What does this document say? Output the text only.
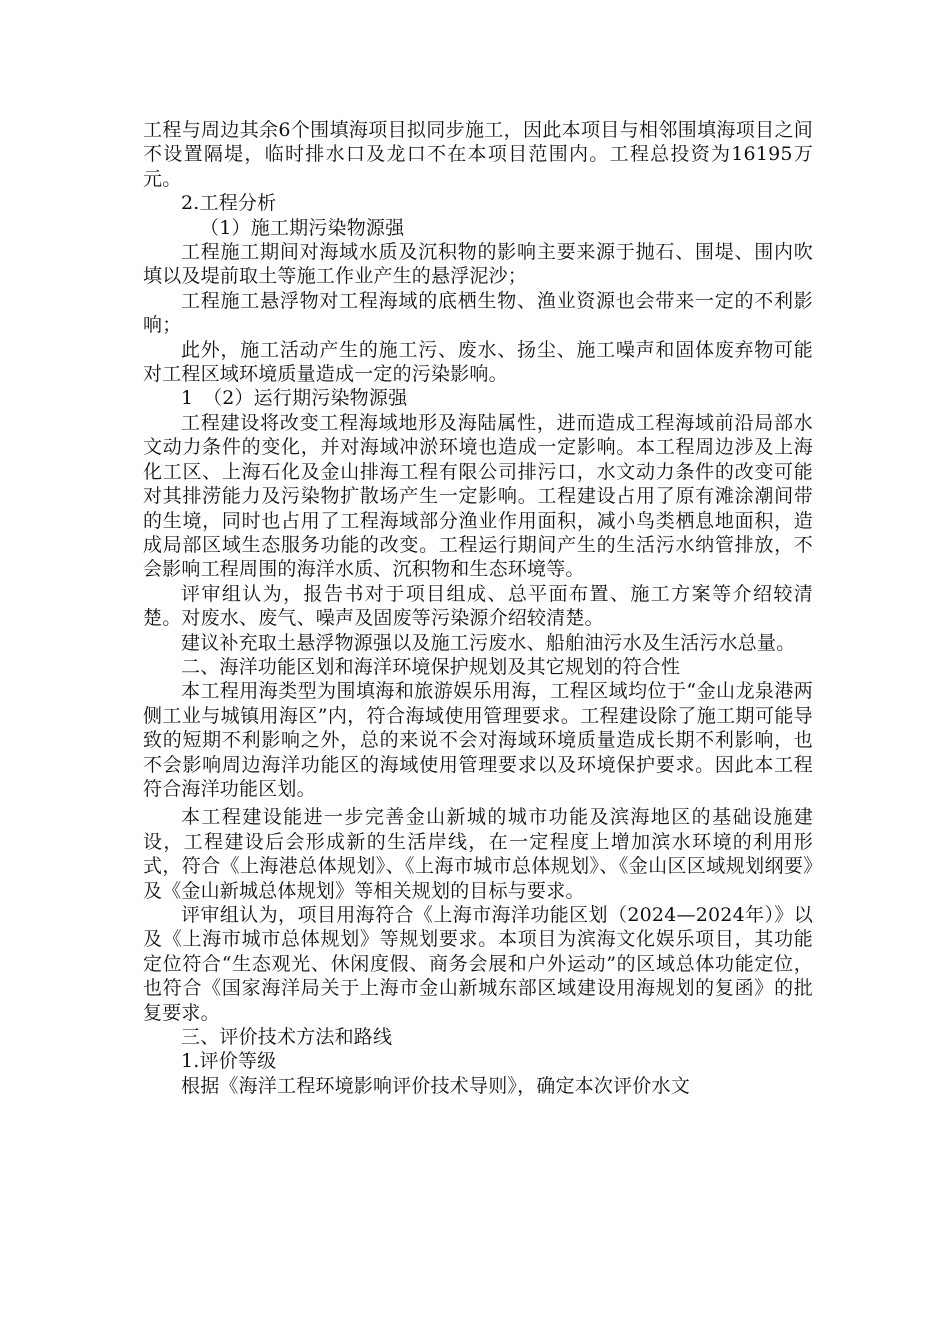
工程与周边其余6个围填海项目拟同步施工，因此本项目与相邻围填海项目之间不设置隔堤，临时排水口及龙口不在本项目范围内。工程总投资为16195万元。

2.工程分析

（1）施工期污染物源强

工程施工期间对海域水质及沉积物的影响主要来源于抛石、围堤、围内吹填以及堤前取土等施工作业产生的悬浮泥沙；

工程施工悬浮物对工程海域的底栖生物、渔业资源也会带来一定的不利影响；

此外，施工活动产生的施工污、废水、扬尘、施工噪声和固体废弃物可能对工程区域环境质量造成一定的污染影响。

1　（2）运行期污染物源强

工程建设将改变工程海域地形及海陆属性，进而造成工程海域前沿局部水文动力条件的变化，并对海域冲淤环境也造成一定影响。本工程周边涉及上海化工区、上海石化及金山排海工程有限公司排污口，水文动力条件的改变可能对其排涝能力及污染物扩散场产生一定影响。工程建设占用了原有滩涂潮间带的生境，同时也占用了工程海域部分渔业作用面积，减小鸟类栖息地面积，造成局部区域生态服务功能的改变。工程运行期间产生的生活污水纳管排放，不会影响工程周围的海洋水质、沉积物和生态环境等。

评审组认为，报告书对于项目组成、总平面布置、施工方案等介绍较清楚。对废水、废气、噪声及固废等污染源介绍较清楚。

建议补充取土悬浮物源强以及施工污废水、船舶油污水及生活污水总量。

二、海洋功能区划和海洋环境保护规划及其它规划的符合性

本工程用海类型为围填海和旅游娱乐用海，工程区域均位于“金山龙泉港两侧工业与城镇用海区”内，符合海域使用管理要求。工程建设除了施工期可能导致的短期不利影响之外，总的来说不会对海域环境质量造成长期不利影响，也不会影响周边海洋功能区的海域使用管理要求以及环境保护要求。因此本工程符合海洋功能区划。

本工程建设能进一步完善金山新城的城市功能及滨海地区的基础设施建设，工程建设后会形成新的生活岸线，在一定程度上增加滨水环境的利用形式，符合《上海港总体规划》、《上海市城市总体规划》、《金山区区域规划纲要》及《金山新城总体规划》等相关规划的目标与要求。

评审组认为，项目用海符合《上海市海洋功能区划（2024—2024年）》以及《上海市城市总体规划》等规划要求。本项目为滨海文化娱乐项目，其功能定位符合“生态观光、休闲度假、商务会展和户外运动”的区域总体功能定位，也符合《国家海洋局关于上海市金山新城东部区域建设用海规划的复函》的批复要求。

三、评价技术方法和路线

1.评价等级

根据《海洋工程环境影响评价技术导则》，确定本次评价水文
